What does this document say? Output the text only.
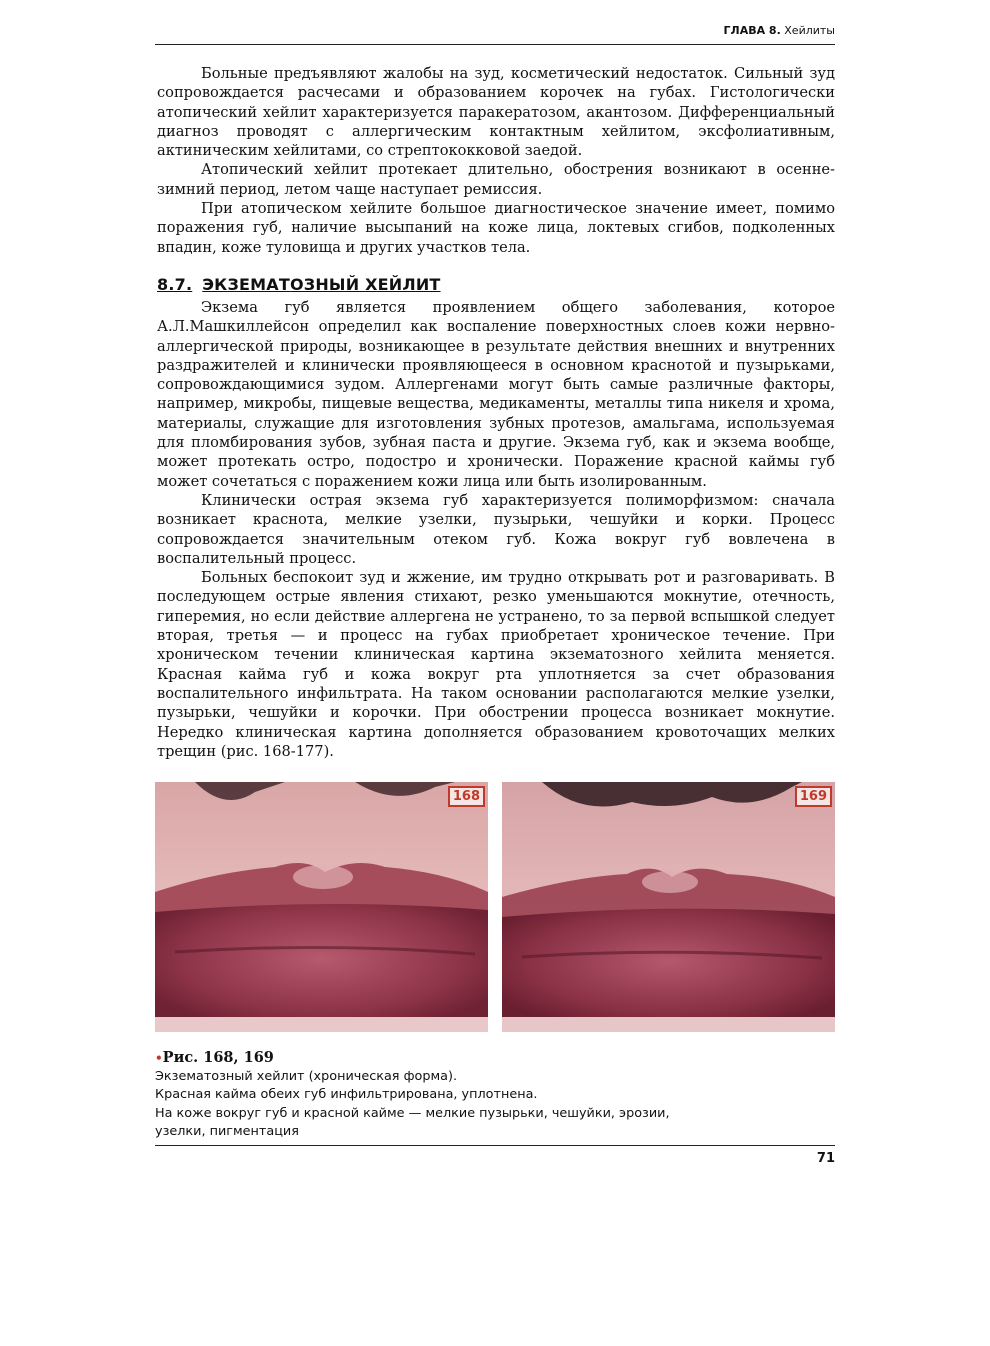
ГЛАВА 8. Хейлиты

Больные предъявляют жалобы на зуд, косметический недостаток. Сильный зуд сопровождается расчесами и образованием корочек на губах. Гистологически атопический хейлит характеризуется паракератозом, акантозом. Дифференциальный диагноз проводят с аллергическим контактным хейлитом, эксфолиативным, актиническим хейлитами, со стрептококковой заедой.

Атопический хейлит протекает длительно, обострения возникают в осенне-зимний период, летом чаще наступает ремиссия.

При атопическом хейлите большое диагностическое значение имеет, помимо поражения губ, наличие высыпаний на коже лица, локтевых сгибов, подколенных впадин, коже туловища и других участков тела.

8.7. ЭКЗЕМАТОЗНЫЙ ХЕЙЛИТ

Экзема губ является проявлением общего заболевания, которое А.Л.Машкиллейсон определил как воспаление поверхностных слоев кожи нервно-аллергической природы, возникающее в результате действия внешних и внутренних раздражителей и клинически проявляющееся в основном краснотой и пузырьками, сопровождающимися зудом. Аллергенами могут быть самые различные факторы, например, микробы, пищевые вещества, медикаменты, металлы типа никеля и хрома, материалы, служащие для изготовления зубных протезов, амальгама, используемая для пломбирования зубов, зубная паста и другие. Экзема губ, как и экзема вообще, может протекать остро, подостро и хронически. Поражение красной каймы губ может сочетаться с поражением кожи лица или быть изолированным.

Клинически острая экзема губ характеризуется полиморфизмом: сначала возникает краснота, мелкие узелки, пузырьки, чешуйки и корки. Процесс сопровождается значительным отеком губ. Кожа вокруг губ вовлечена в воспалительный процесс.

Больных беспокоит зуд и жжение, им трудно открывать рот и разговаривать. В последующем острые явления стихают, резко уменьшаются мокнутие, отечность, гиперемия, но если действие аллергена не устранено, то за первой вспышкой следует вторая, третья — и процесс на губах приобретает хроническое течение. При хроническом течении клиническая картина экзематозного хейлита меняется. Красная кайма губ и кожа вокруг рта уплотняется за счет образования воспалительного инфильтрата. На таком основании располагаются мелкие узелки, пузырьки, чешуйки и корочки. При обострении процесса возникает мокнутие. Нередко клиническая картина дополняется образованием кровоточащих мелких трещин (рис. 168-177).

168	169
•Рис. 168, 169
Экзематозный хейлит (хроническая форма).
Красная кайма обеих губ инфильтрирована, уплотнена.
На коже вокруг губ и красной кайме — мелкие пузырьки, чешуйки, эрозии,
узелки, пигментация
71
